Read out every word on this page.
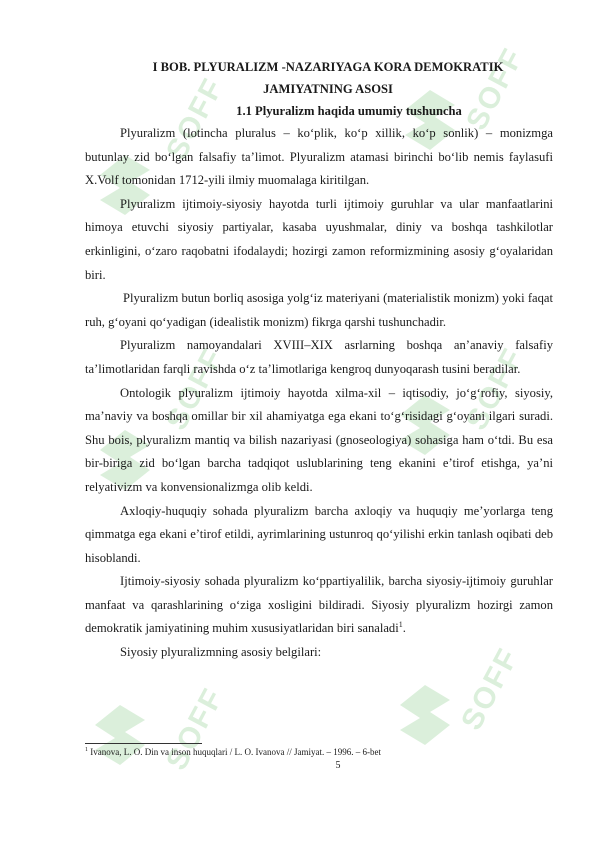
SOFF	SOFF
SOFF	SOFF
SOFF	SOFF
I BOB. PLYURALIZM -NAZARIYAGA KORA DEMOKRATIK
JAMIYATNING ASOSI
1.1 Plyuralizm haqida umumiy tushuncha

Plyuralizm (lotincha pluralus – ko‘plik, ko‘p xillik, ko‘p sonlik) – monizmga butunlay zid bo‘lgan falsafiy ta’limot. Plyuralizm atamasi birinchi bo‘lib nemis faylasufi X.Volf tomonidan 1712-yili ilmiy muomalaga kiritilgan.

Plyuralizm ijtimoiy-siyosiy hayotda turli ijtimoiy guruhlar va ular manfaatlarini himoya etuvchi siyosiy partiyalar, kasaba uyushmalar, diniy va boshqa tashkilotlar erkinligini, o‘zaro raqobatni ifodalaydi; hozirgi zamon reformizmining asosiy g‘oyalaridan biri.

Plyuralizm butun borliq asosiga yolg‘iz materiyani (materialistik monizm) yoki faqat ruh, g‘oyani qo‘yadigan (idealistik monizm) fikrga qarshi tushunchadir.

Plyuralizm namoyandalari XVIII–XIX asrlarning boshqa an’anaviy falsafiy ta’limotlaridan farqli ravishda o‘z ta’limotlariga kengroq dunyoqarash tusini beradilar.

Ontologik plyuralizm ijtimoiy hayotda xilma-xil – iqtisodiy, jo‘g‘rofiy, siyosiy, ma’naviy va boshqa omillar bir xil ahamiyatga ega ekani to‘g‘risidagi g‘oyani ilgari suradi. Shu bois, plyuralizm mantiq va bilish nazariyasi (gnoseologiya) sohasiga ham o‘tdi. Bu esa bir-biriga zid bo‘lgan barcha tadqiqot uslublarining teng ekanini e’tirof etishga, ya’ni relyativizm va konvensionalizmga olib keldi.

Axloqiy-huquqiy sohada plyuralizm barcha axloqiy va huquqiy me’yorlarga teng qimmatga ega ekani e’tirof etildi, ayrimlarining ustunroq qo‘yilishi erkin tanlash oqibati deb hisoblandi.

Ijtimoiy-siyosiy sohada plyuralizm ko‘ppartiyalilik, barcha siyosiy-ijtimoiy guruhlar manfaat va qarashlarining o‘ziga xosligini bildiradi. Siyosiy plyuralizm hozirgi zamon demokratik jamiyatining muhim xususiyatlaridan biri sanaladi$^1$.

Siyosiy plyuralizmning asosiy belgilari:

$^1$ Ivanova, L. O. Din va inson huquqlari / L. O. Ivanova // Jamiyat. – 1996. – 6-bet
5
